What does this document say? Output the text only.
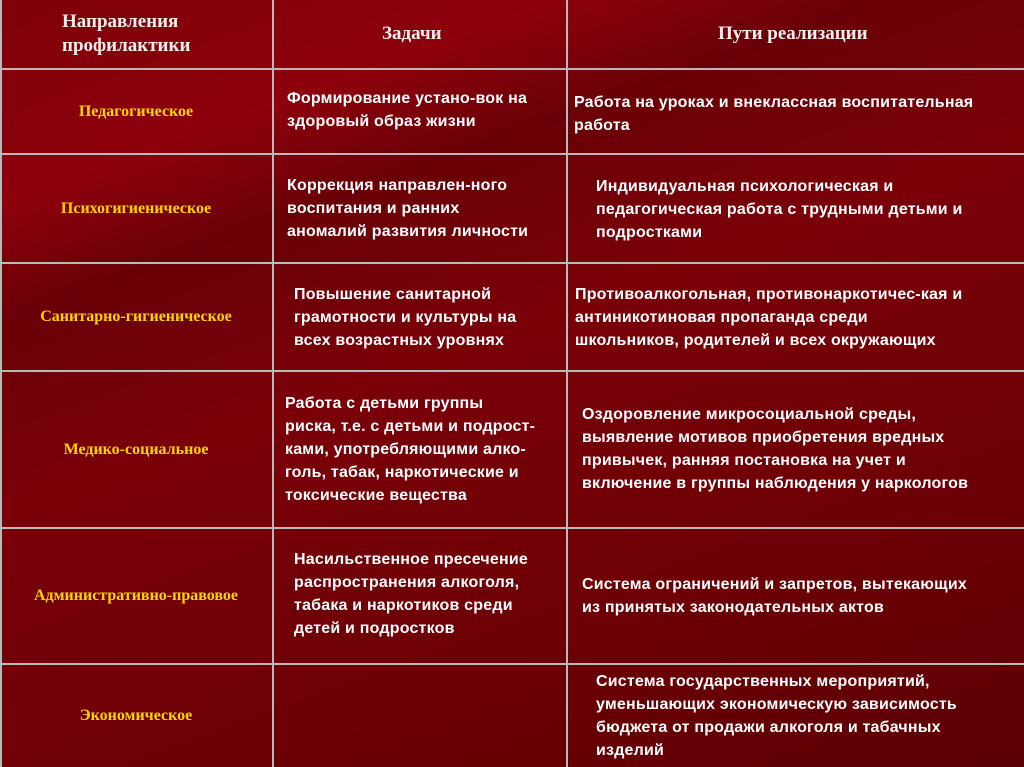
Направления
профилактики
Задачи	Пути реализации
Педагогическое
Формирование устано-вок на
здоровый образ жизни
Работа на уроках и внеклассная воспитательная
работа
Психогигиеническое
Коррекция направлен-ного
воспитания и ранних
аномалий развития личности
Индивидуальная психологическая и
педагогическая работа с трудными детьми и
подростками
Санитарно-гигиеническое
Повышение санитарной
грамотности и культуры на
всех возрастных уровнях
Противоалкогольная, противонаркотичес-кая и
антиникотиновая пропаганда среди
школьников, родителей и всех окружающих
Медико-социальное
Работа с детьми группы
риска, т.е. с детьми и подрост-
ками, употребляющими алко-
голь, табак, наркотические и
токсические вещества
Оздоровление микросоциальной среды,
выявление мотивов приобретения вредных
привычек, ранняя постановка на учет и
включение в группы наблюдения у наркологов
Административно-правовое
Насильственное пресечение
распространения алкоголя,
табака и наркотиков среди
детей и подростков
Система ограничений и запретов, вытекающих
из принятых законодательных актов
Экономическое
Система государственных мероприятий,
уменьшающих экономическую зависимость
бюджета от продажи алкоголя и табачных
изделий
